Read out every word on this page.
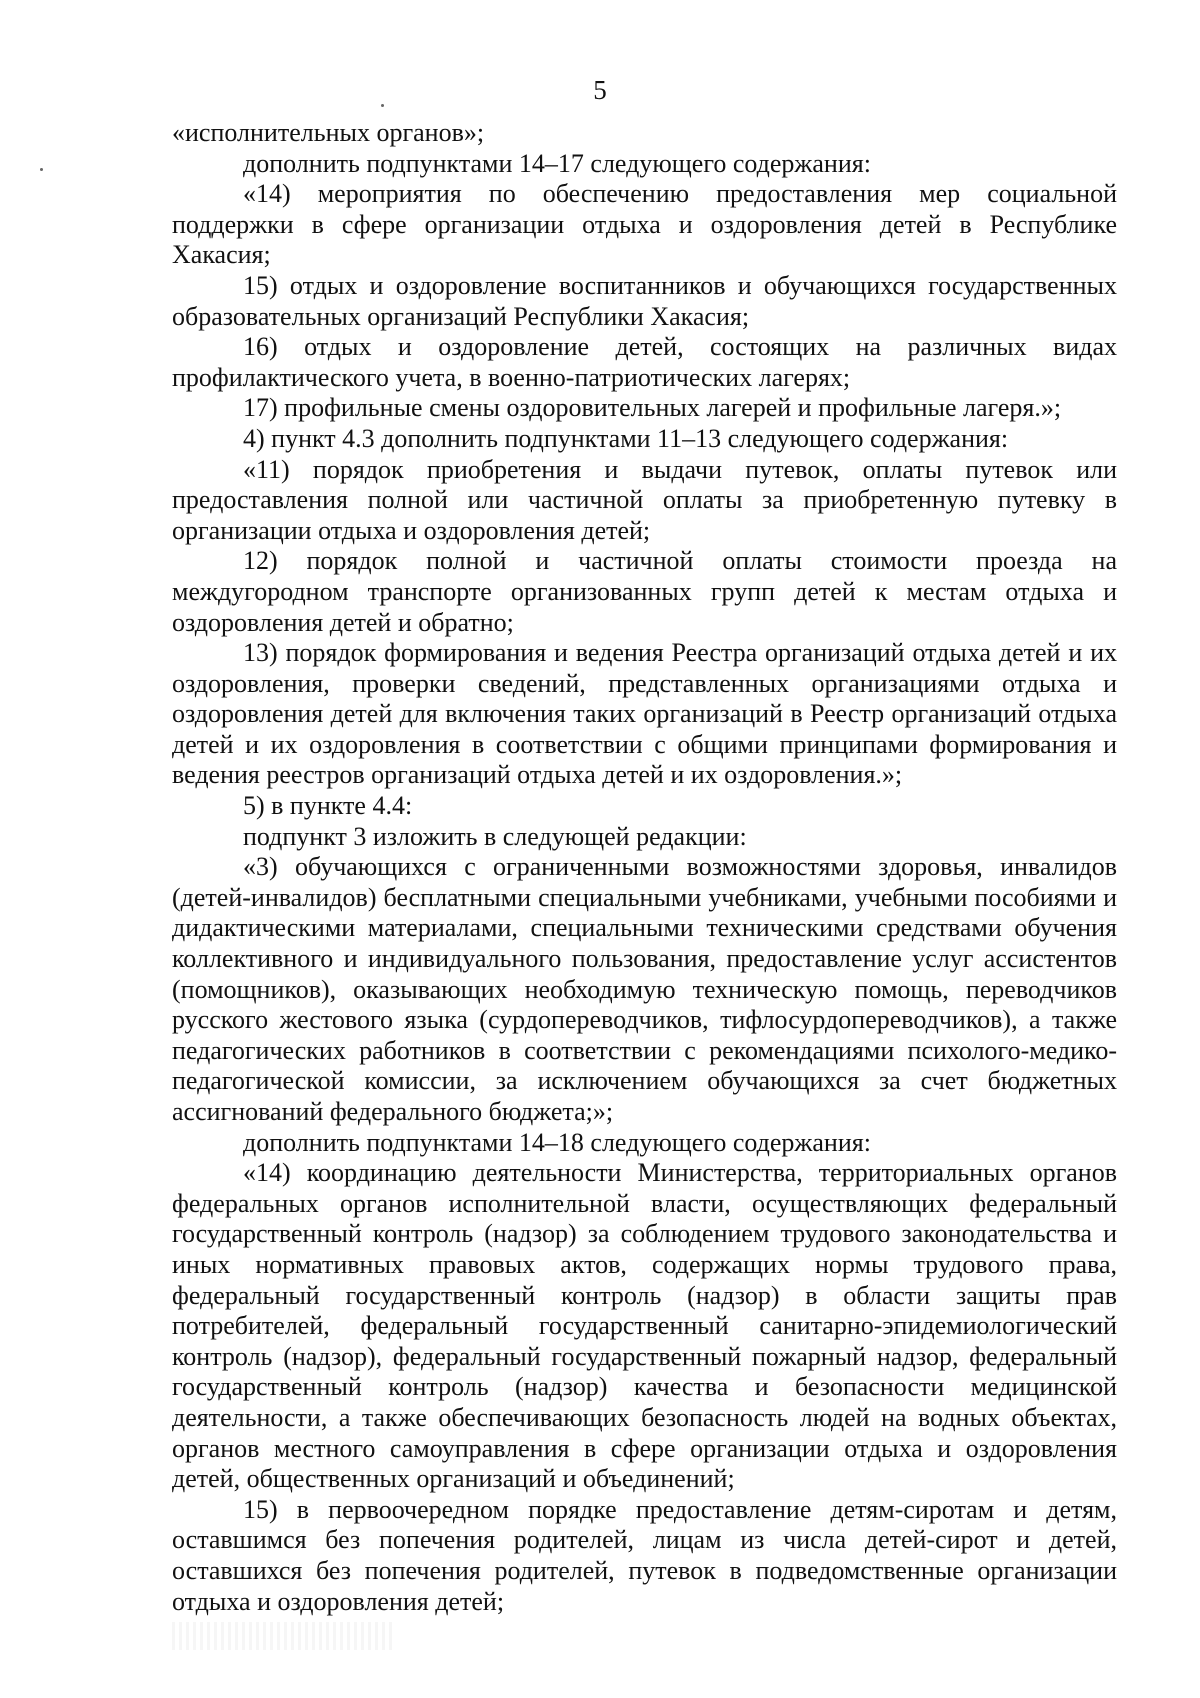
5

«исполнительных органов»;

дополнить подпунктами 14–17 следующего содержания:

«14) мероприятия по обеспечению предоставления мер социальной поддержки в сфере организации отдыха и оздоровления детей в Республике Хакасия;

15) отдых и оздоровление воспитанников и обучающихся государственных образовательных организаций Республики Хакасия;

16) отдых и оздоровление детей, состоящих на различных видах профилактического учета, в военно-патриотических лагерях;

17) профильные смены оздоровительных лагерей и профильные лагеря.»;

4) пункт 4.3 дополнить подпунктами 11–13 следующего содержания:

«11) порядок приобретения и выдачи путевок, оплаты путевок или предоставления полной или частичной оплаты за приобретенную путевку в организации отдыха и оздоровления детей;

12) порядок полной и частичной оплаты стоимости проезда на междугородном транспорте организованных групп детей к местам отдыха и оздоровления детей и обратно;

13) порядок формирования и ведения Реестра организаций отдыха детей и их оздоровления, проверки сведений, представленных организациями отдыха и оздоровления детей для включения таких организаций в Реестр организаций отдыха детей и их оздоровления в соответствии с общими принципами формирования и ведения реестров организаций отдыха детей и их оздоровления.»;

5) в пункте 4.4:

подпункт 3 изложить в следующей редакции:

«3) обучающихся с ограниченными возможностями здоровья, инвалидов (детей-инвалидов) бесплатными специальными учебниками, учебными пособиями и дидактическими материалами, специальными техническими средствами обучения коллективного и индивидуального пользования, предоставление услуг ассистентов (помощников), оказывающих необходимую техническую помощь, переводчиков русского жестового языка (сурдопереводчиков, тифлосурдопереводчиков), а также педагогических работников в соответствии с рекомендациями психолого-медико-педагогической комиссии, за исключением обучающихся за счет бюджетных ассигнований федерального бюджета;»;

дополнить подпунктами 14–18 следующего содержания:

«14) координацию деятельности Министерства, территориальных органов федеральных органов исполнительной власти, осуществляющих федеральный государственный контроль (надзор) за соблюдением трудового законодательства и иных нормативных правовых актов, содержащих нормы трудового права, федеральный государственный контроль (надзор) в области защиты прав потребителей, федеральный государственный санитарно-эпидемиологический контроль (надзор), федеральный государственный пожарный надзор, федеральный государственный контроль (надзор) качества и безопасности медицинской деятельности, а также обеспечивающих безопасность людей на водных объектах, органов местного самоуправления в сфере организации отдыха и оздоровления детей, общественных организаций и объединений;

15) в первоочередном порядке предоставление детям-сиротам и детям, оставшимся без попечения родителей, лицам из числа детей-сирот и детей, оставшихся без попечения родителей, путевок в подведомственные организации отдыха и оздоровления детей;
